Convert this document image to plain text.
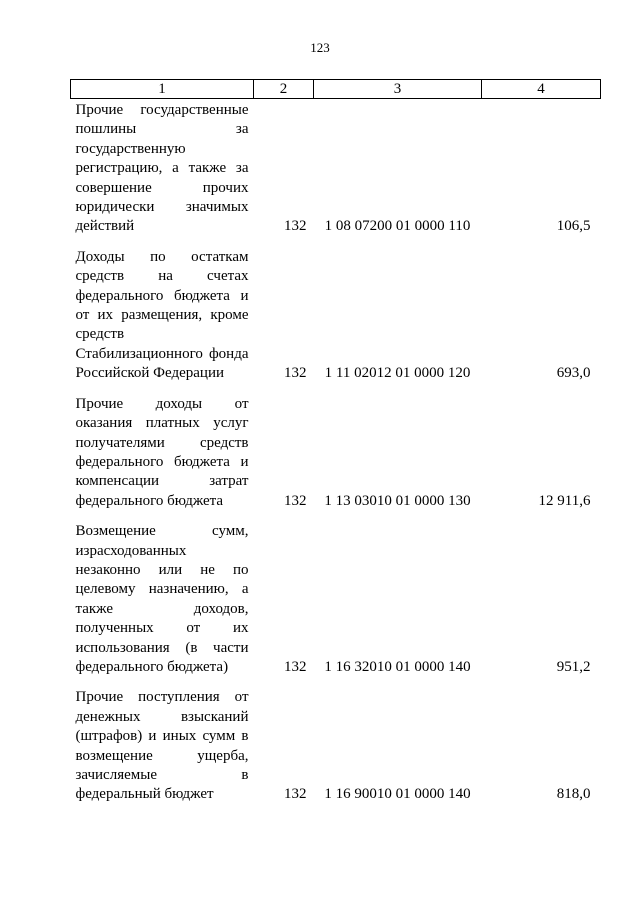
123
1	2	3	4

Прочие государственные пошлины за государственную регистрацию, а также за совершение прочих юридически значимых действий	132	1 08 07200 01 0000 110	106,5

Доходы по остаткам средств на счетах федерального бюджета и от их размещения, кроме средств Стабилизационного фонда Российской Федерации	132	1 11 02012 01 0000 120	693,0

Прочие доходы от оказания платных услуг получателями средств федерального бюджета и компенсации затрат федерального бюджета	132	1 13 03010 01 0000 130	12 911,6

Возмещение сумм, израсходованных незаконно или не по целевому назначению, а также доходов, полученных от их использования (в части федерального бюджета)	132	1 16 32010 01 0000 140	951,2

Прочие поступления от денежных взысканий (штрафов) и иных сумм в возмещение ущерба, зачисляемые в федеральный бюджет	132	1 16 90010 01 0000 140	818,0
